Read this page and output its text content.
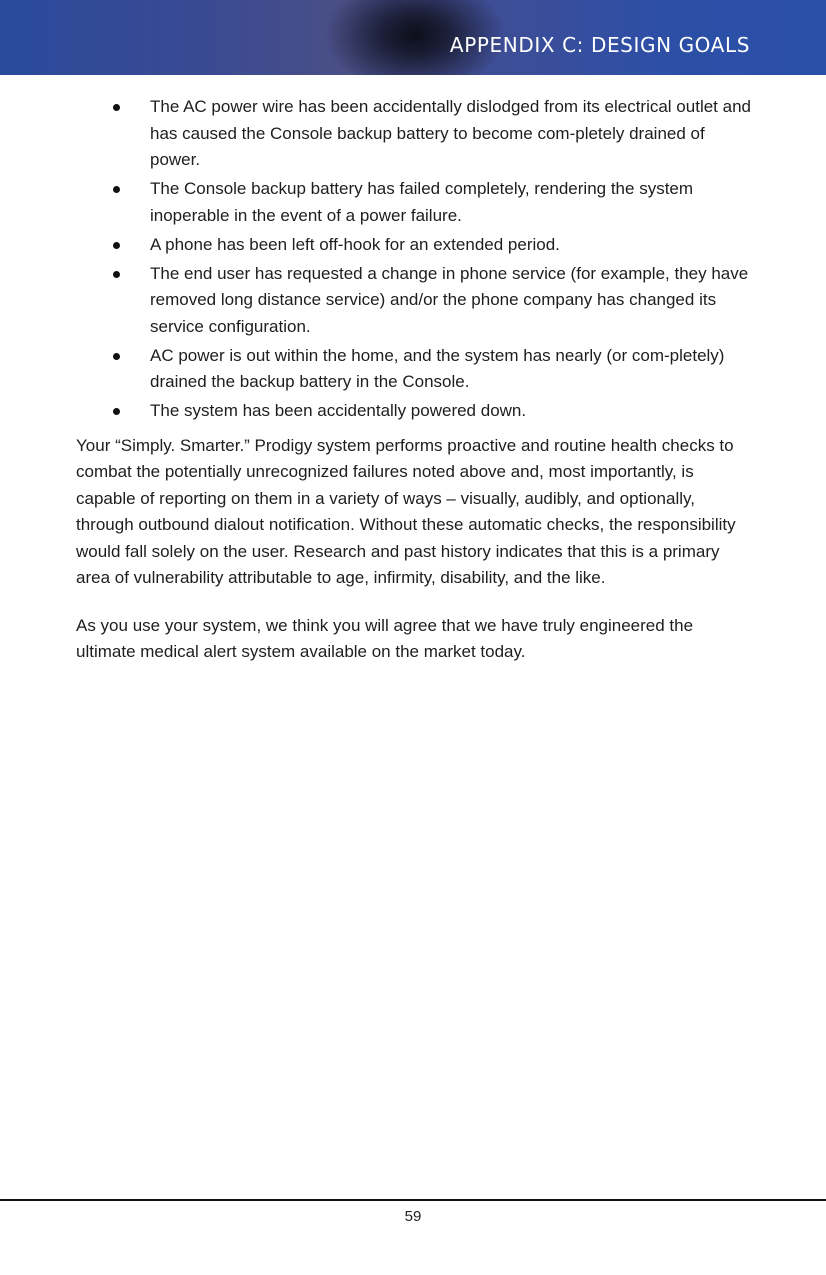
APPENDIX C: DESIGN GOALS
The AC power wire has been accidentally dislodged from its electrical outlet and has caused the Console backup battery to become com-pletely drained of power.
The Console backup battery has failed completely, rendering the system inoperable in the event of a power failure.
A phone has been left off-hook for an extended period.
The end user has requested a change in phone service (for example, they have removed long distance service) and/or the phone company has changed its service configuration.
AC power is out within the home, and the system has nearly (or com-pletely) drained the backup battery in the Console.
The system has been accidentally powered down.

Your “Simply. Smarter.” Prodigy system performs proactive and routine health checks to combat the potentially unrecognized failures noted above and, most importantly, is capable of reporting on them in a variety of ways – visually, audibly, and optionally, through outbound dialout notification. Without these automatic checks, the responsibility would fall solely on the user. Research and past history indicates that this is a primary area of vulnerability attributable to age, infirmity, disability, and the like.

As you use your system, we think you will agree that we have truly engineered the ultimate medical alert system available on the market today.

59
